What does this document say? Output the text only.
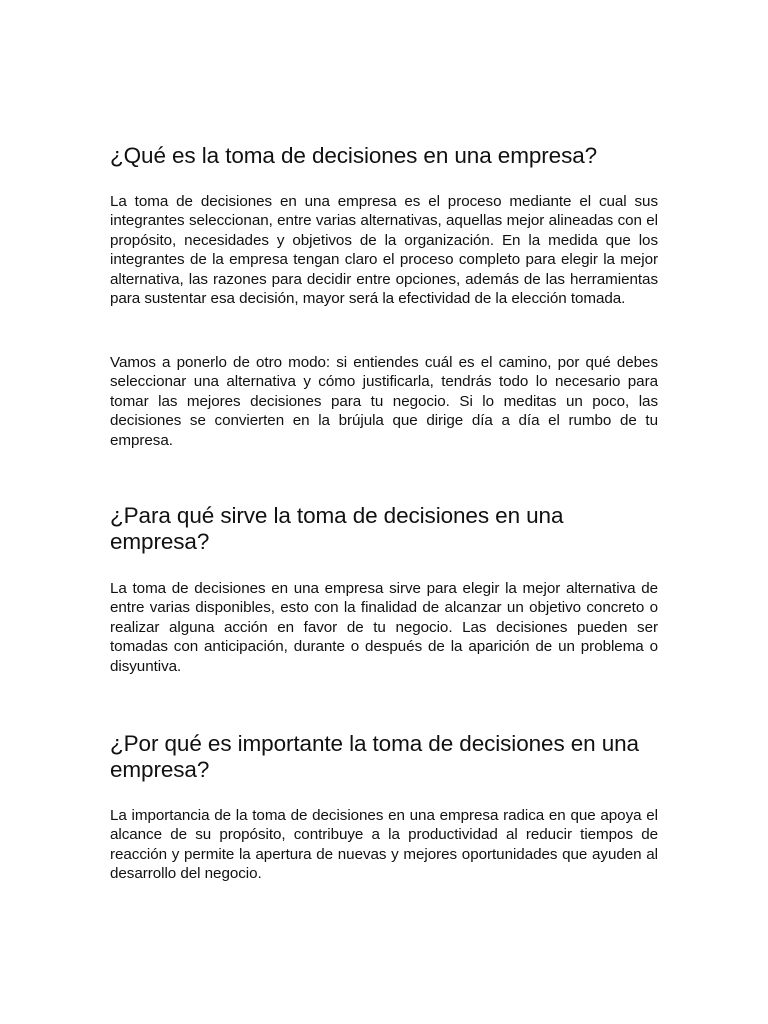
¿Qué es la toma de decisiones en una empresa?

La toma de decisiones en una empresa es el proceso mediante el cual sus integrantes seleccionan, entre varias alternativas, aquellas mejor alineadas con el propósito, necesidades y objetivos de la organización. En la medida que los integrantes de la empresa tengan claro el proceso completo para elegir la mejor alternativa, las razones para decidir entre opciones, además de las herramientas para sustentar esa decisión, mayor será la efectividad de la elección tomada.

Vamos a ponerlo de otro modo: si entiendes cuál es el camino, por qué debes seleccionar una alternativa y cómo justificarla, tendrás todo lo necesario para tomar las mejores decisiones para tu negocio. Si lo meditas un poco, las decisiones se convierten en la brújula que dirige día a día el rumbo de tu empresa.

¿Para qué sirve la toma de decisiones en una empresa?

La toma de decisiones en una empresa sirve para elegir la mejor alternativa de entre varias disponibles, esto con la finalidad de alcanzar un objetivo concreto o realizar alguna acción en favor de tu negocio. Las decisiones pueden ser tomadas con anticipación, durante o después de la aparición de un problema o disyuntiva.

¿Por qué es importante la toma de decisiones en una empresa?

La importancia de la toma de decisiones en una empresa radica en que apoya el alcance de su propósito, contribuye a la productividad al reducir tiempos de reacción y permite la apertura de nuevas y mejores oportunidades que ayuden al desarrollo del negocio.
